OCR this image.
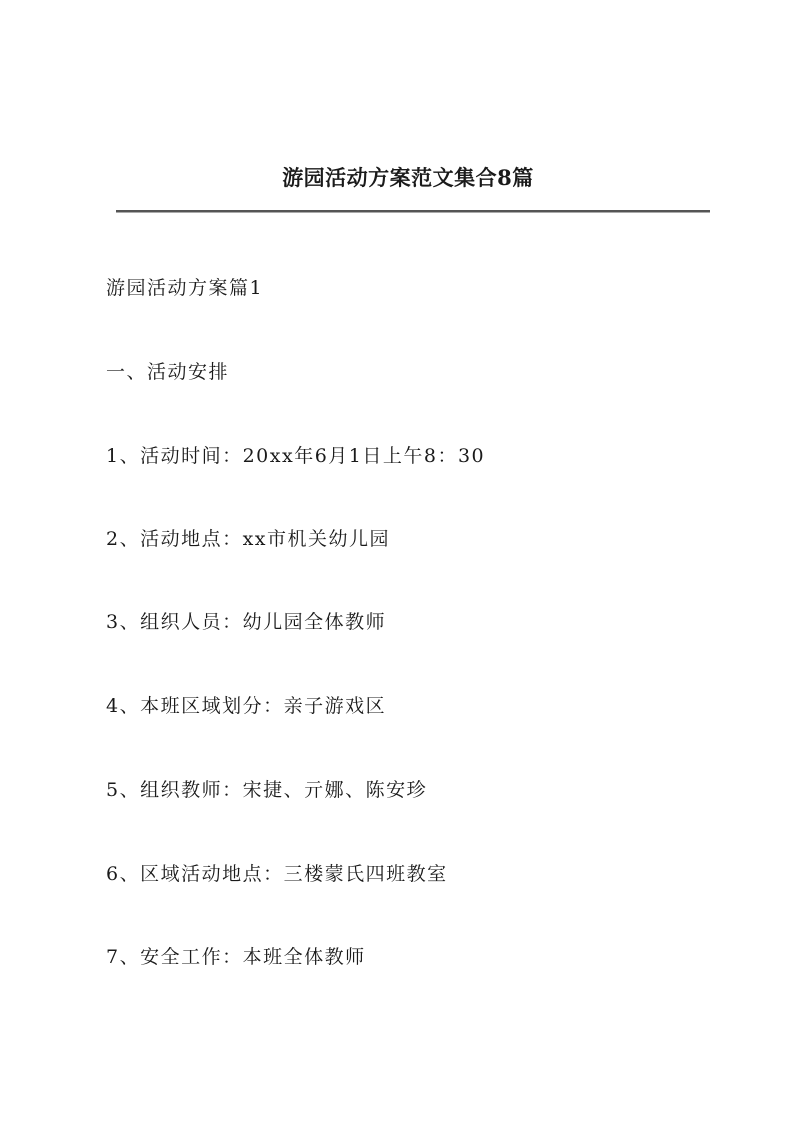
游园活动方案范文集合8篇
游园活动方案篇1
一、活动安排
1、活动时间：20xx年6月1日上午8：30
2、活动地点：xx市机关幼儿园
3、组织人员：幼儿园全体教师
4、本班区域划分：亲子游戏区
5、组织教师：宋捷、亓娜、陈安珍
6、区域活动地点：三楼蒙氏四班教室
7、安全工作：本班全体教师
